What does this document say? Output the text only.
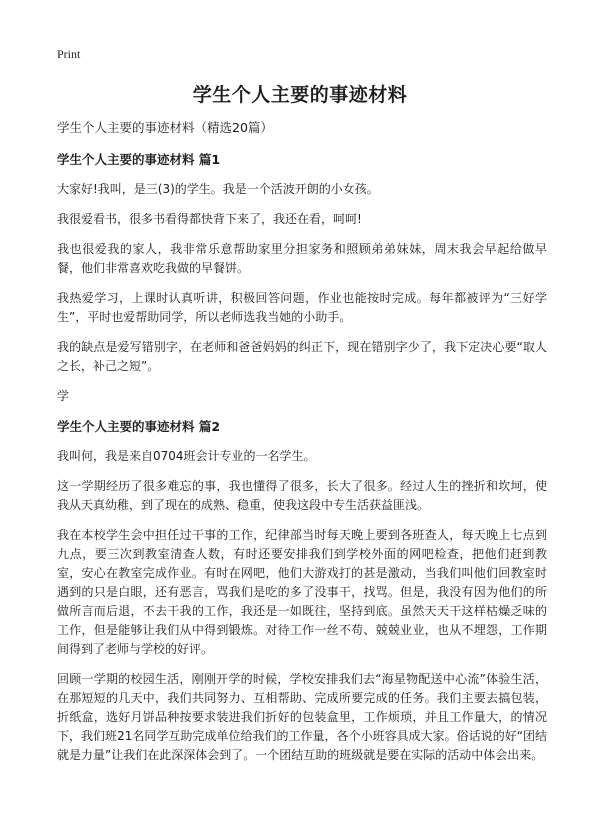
Print
学生个人主要的事迹材料

学生个人主要的事迹材料（精选20篇）

学生个人主要的事迹材料 篇1

大家好!我叫，是三(3)的学生。我是一个活波开朗的小女孩。

我很爱看书，很多书看得都快背下来了，我还在看，呵呵!

我也很爱我的家人，我非常乐意帮助家里分担家务和照顾弟弟妹妹，周末我会早起给做早餐，他们非常喜欢吃我做的早餐饼。

我热爱学习，上课时认真听讲，积极回答问题，作业也能按时完成。每年都被评为“三好学生”，平时也爱帮助同学，所以老师选我当她的小助手。

我的缺点是爱写错别字，在老师和爸爸妈妈的纠正下，现在错别字少了，我下定决心要“取人之长，补己之短”。

学

学生个人主要的事迹材料 篇2

我叫何，我是来自0704班会计专业的一名学生。

这一学期经历了很多难忘的事，我也懂得了很多，长大了很多。经过人生的挫折和坎坷，使我从天真幼稚，到了现在的成熟、稳重，使我这段中专生活获益匪浅。

我在本校学生会中担任过干事的工作，纪律部当时每天晚上要到各班查人，每天晚上七点到九点，要三次到教室清查人数，有时还要安排我们到学校外面的网吧检查，把他们赶到教室，安心在教室完成作业。有时在网吧，他们大游戏打的甚是激动，当我们叫他们回教室时遇到的只是白眼，还有恶言，骂我们是吃的多了没事干，找骂。但是，我没有因为他们的所做所言而后退，不去干我的工作，我还是一如既往，坚持到底。虽然天天干这样枯燥乏味的工作，但是能够让我们从中得到锻炼。对待工作一丝不苟、兢兢业业，也从不埋怨，工作期间得到了老师与学校的好评。

回顾一学期的校园生活，刚刚开学的时候，学校安排我们去“海星物配送中心流”体验生活，在那短短的几天中，我们共同努力、互相帮助、完成所要完成的任务。我们主要去搞包装，折纸盒，选好月饼品种按要求装进我们折好的包装盒里，工作烦琐，并且工作量大，的情况下，我们班21名同学互助完成单位给我们的工作量，各个小班容具成大家。俗话说的好“团结就是力量”让我们在此深深体会到了。一个团结互助的班级就是要在实际的活动中体会出来。
